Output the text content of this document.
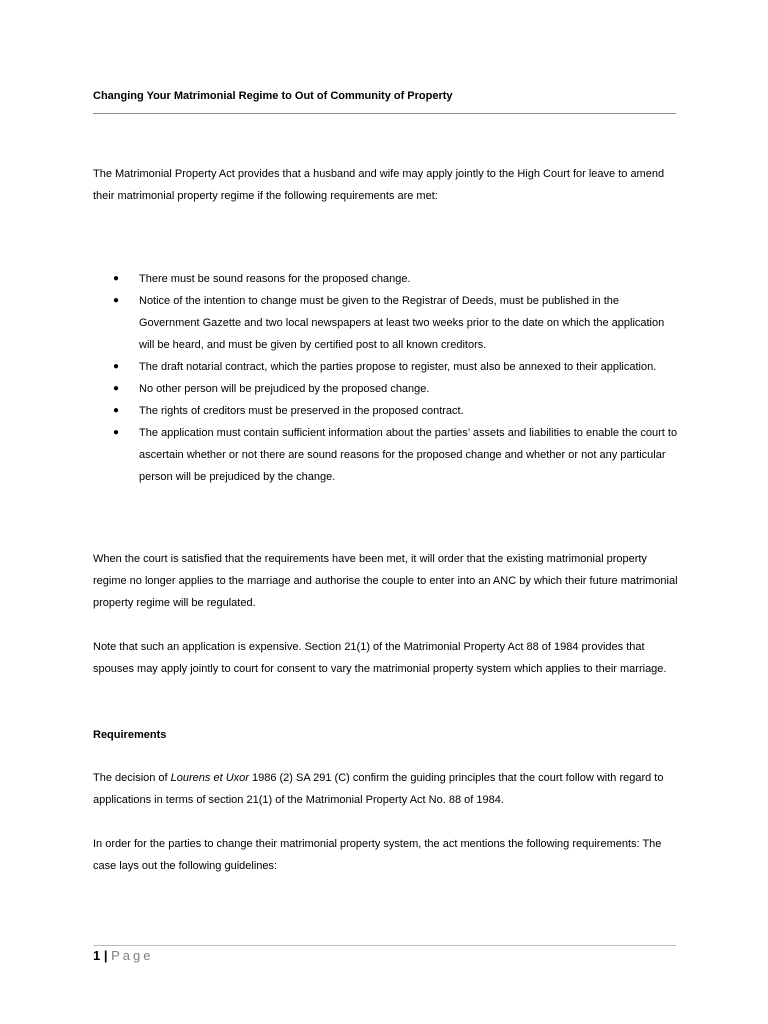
Changing Your Matrimonial Regime to Out of Community of Property

The Matrimonial Property Act provides that a husband and wife may apply jointly to the High Court for leave to amend their matrimonial property regime if the following requirements are met:

● There must be sound reasons for the proposed change.
● Notice of the intention to change must be given to the Registrar of Deeds, must be published in the Government Gazette and two local newspapers at least two weeks prior to the date on which the application will be heard, and must be given by certified post to all known creditors.
● The draft notarial contract, which the parties propose to register, must also be annexed to their application.
● No other person will be prejudiced by the proposed change.
● The rights of creditors must be preserved in the proposed contract.
● The application must contain sufficient information about the parties’ assets and liabilities to enable the court to ascertain whether or not there are sound reasons for the proposed change and whether or not any particular person will be prejudiced by the change.

When the court is satisfied that the requirements have been met, it will order that the existing matrimonial property regime no longer applies to the marriage and authorise the couple to enter into an ANC by which their future matrimonial property regime will be regulated.

Note that such an application is expensive. Section 21(1) of the Matrimonial Property Act 88 of 1984 provides that spouses may apply jointly to court for consent to vary the matrimonial property system which applies to their marriage.

Requirements

The decision of Lourens et Uxor 1986 (2) SA 291 (C) confirm the guiding principles that the court follow with regard to applications in terms of section 21(1) of the Matrimonial Property Act No. 88 of 1984.

In order for the parties to change their matrimonial property system, the act mentions the following requirements: The case lays out the following guidelines:

1 | Page
